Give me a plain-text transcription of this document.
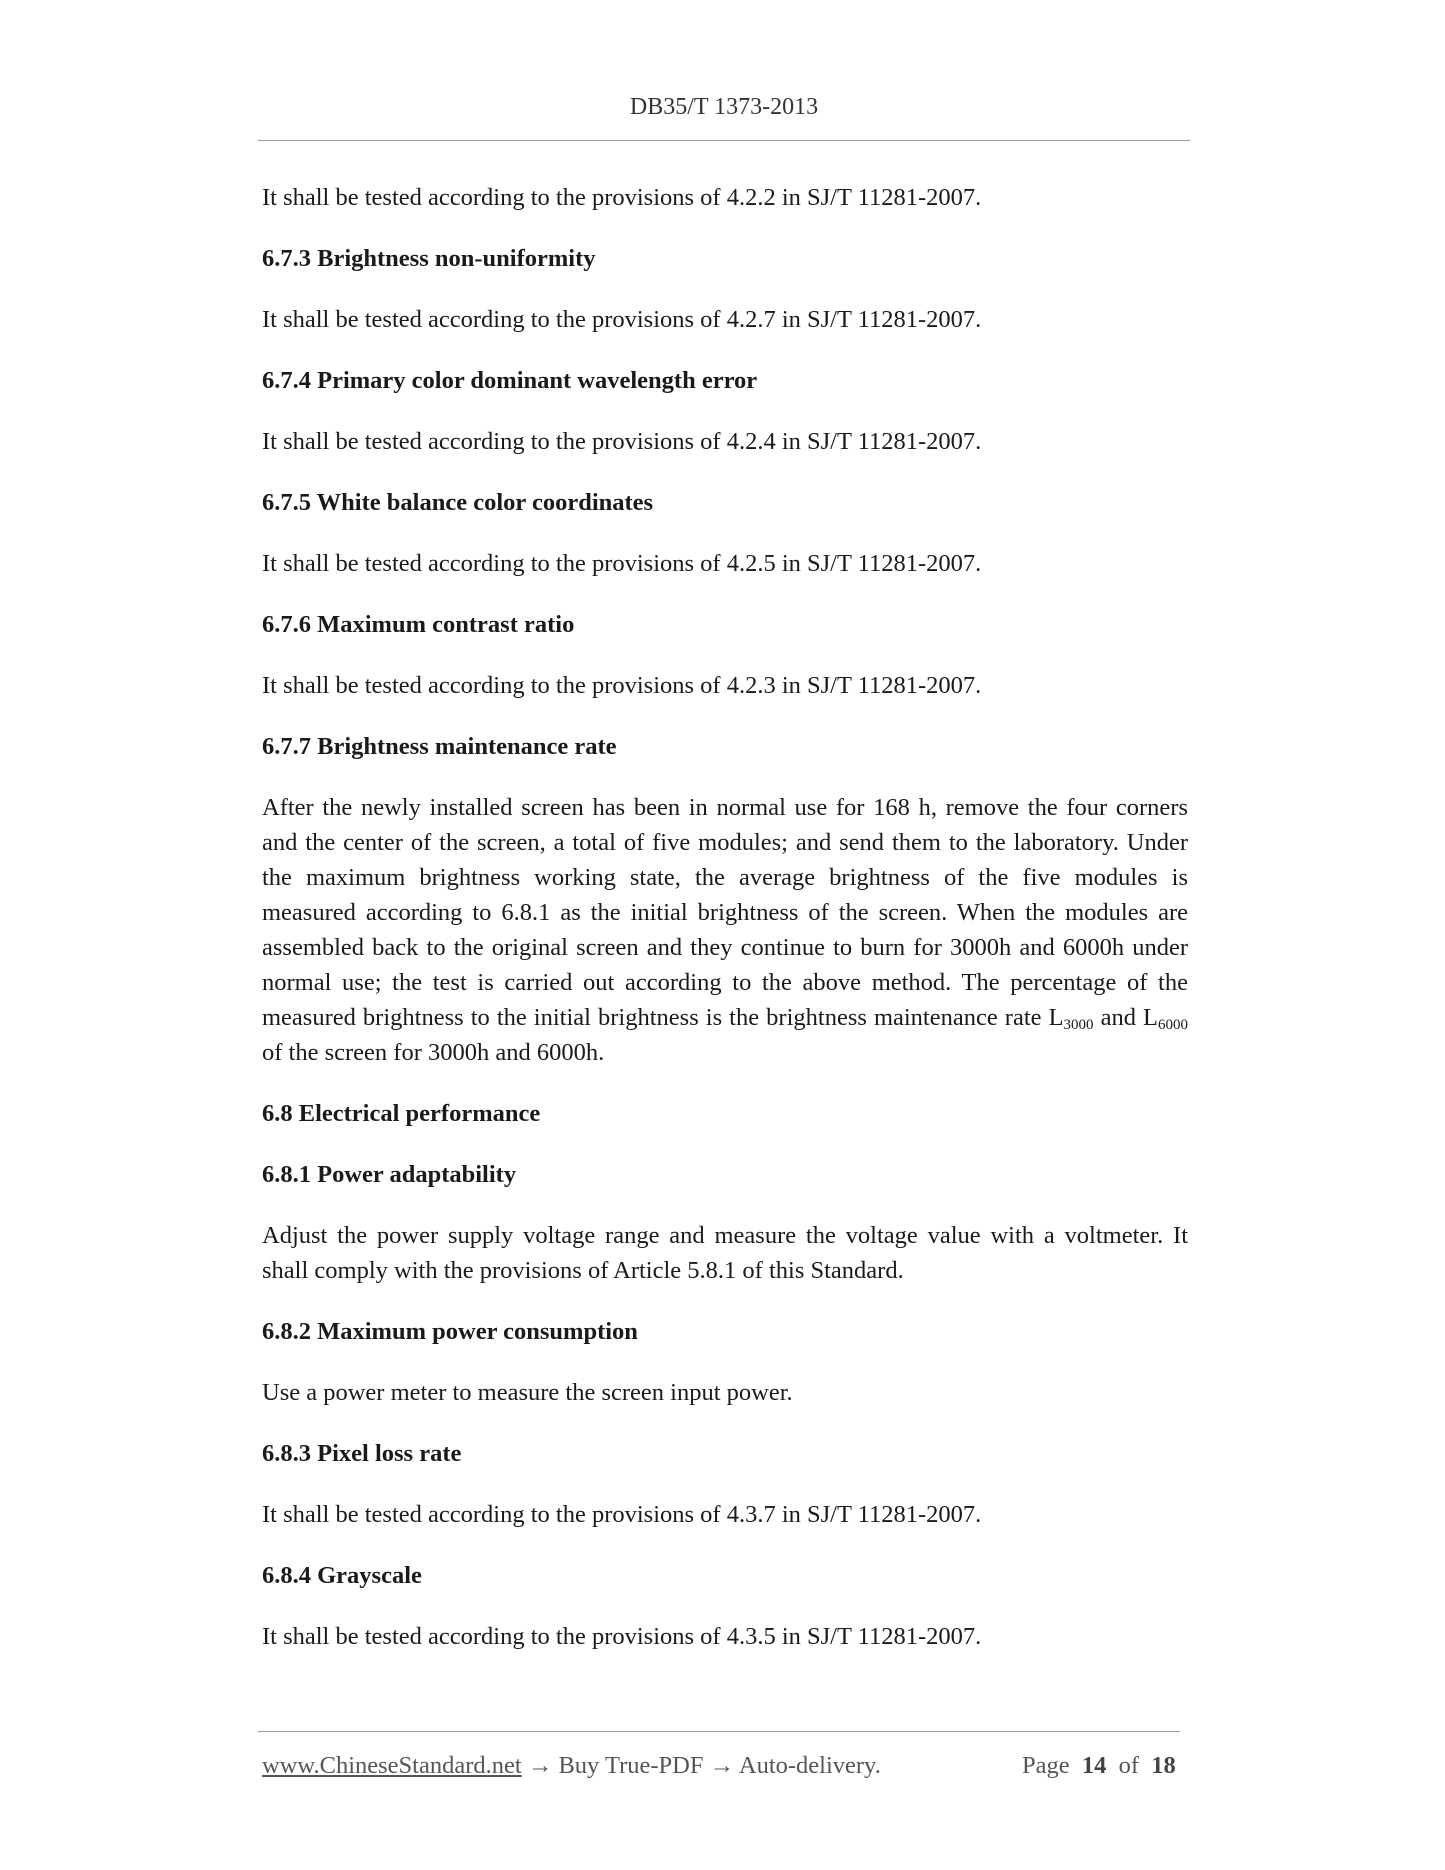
DB35/T 1373-2013

It shall be tested according to the provisions of 4.2.2 in SJ/T 11281-2007.

6.7.3 Brightness non-uniformity

It shall be tested according to the provisions of 4.2.7 in SJ/T 11281-2007.

6.7.4 Primary color dominant wavelength error

It shall be tested according to the provisions of 4.2.4 in SJ/T 11281-2007.

6.7.5 White balance color coordinates

It shall be tested according to the provisions of 4.2.5 in SJ/T 11281-2007.

6.7.6 Maximum contrast ratio

It shall be tested according to the provisions of 4.2.3 in SJ/T 11281-2007.

6.7.7 Brightness maintenance rate

After the newly installed screen has been in normal use for 168 h, remove the four corners and the center of the screen, a total of five modules; and send them to the laboratory. Under the maximum brightness working state, the average brightness of the five modules is measured according to 6.8.1 as the initial brightness of the screen. When the modules are assembled back to the original screen and they continue to burn for 3000h and 6000h under normal use; the test is carried out according to the above method. The percentage of the measured brightness to the initial brightness is the brightness maintenance rate $L_{3000}$ and $L_{6000}$ of the screen for 3000h and 6000h.

6.8 Electrical performance
6.8.1 Power adaptability

Adjust the power supply voltage range and measure the voltage value with a voltmeter. It shall comply with the provisions of Article 5.8.1 of this Standard.

6.8.2 Maximum power consumption

Use a power meter to measure the screen input power.

6.8.3 Pixel loss rate

It shall be tested according to the provisions of 4.3.7 in SJ/T 11281-2007.

6.8.4 Grayscale

It shall be tested according to the provisions of 4.3.5 in SJ/T 11281-2007.

www.ChineseStandard.net → Buy True-PDF → Auto-delivery.	Page 14 of 18
